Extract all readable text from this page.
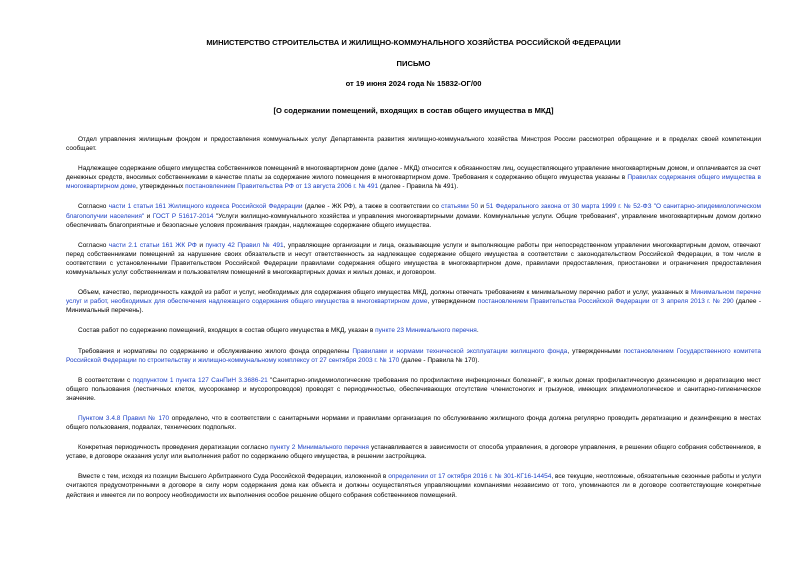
МИНИСТЕРСТВО СТРОИТЕЛЬСТВА И ЖИЛИЩНО-КОММУНАЛЬНОГО ХОЗЯЙСТВА РОССИЙСКОЙ ФЕДЕРАЦИИ
ПИСЬМО
от 19 июня 2024 года № 15832-ОГ/00
[О содержании помещений, входящих в состав общего имущества в МКД]

Отдел управления жилищным фондом и предоставления коммунальных услуг Департамента развития жилищно-коммунального хозяйства Минстроя России рассмотрел обращение и в пределах своей компетенции сообщает.

Надлежащее содержание общего имущества собственников помещений в многоквартирном доме (далее - МКД) относится к обязанностям лиц, осуществляющего управление многоквартирным домом, и оплачивается за счет денежных средств, вносимых собственниками в качестве платы за содержание жилого помещения в многоквартирном доме. Требования к содержанию общего имущества указаны в Правилах содержания общего имущества в многоквартирном доме, утвержденных постановлением Правительства РФ от 13 августа 2006 г. № 491 (далее - Правила № 491).

Согласно части 1 статьи 161 Жилищного кодекса Российской Федерации (далее - ЖК РФ), а также в соответствии со статьями 50 и 51 Федерального закона от 30 марта 1999 г. № 52-ФЗ "О санитарно-эпидемиологическом благополучии населения" и ГОСТ Р 51617-2014 "Услуги жилищно-коммунального хозяйства и управления многоквартирными домами. Коммунальные услуги. Общие требования", управление многоквартирным домом должно обеспечивать благоприятные и безопасные условия проживания граждан, надлежащее содержание общего имущества.

Согласно части 2.1 статьи 161 ЖК РФ и пункту 42 Правил № 491, управляющие организации и лица, оказывающие услуги и выполняющие работы при непосредственном управлении многоквартирным домом, отвечают перед собственниками помещений за нарушение своих обязательств и несут ответственность за надлежащее содержание общего имущества в соответствии с законодательством Российской Федерации, в том числе в соответствии с установленными Правительством Российской Федерации правилами содержания общего имущества в многоквартирном доме, правилами предоставления, приостановки и ограничения предоставления коммунальных услуг собственникам и пользователям помещений в многоквартирных домах и жилых домах, и договором.

Объем, качество, периодичность каждой из работ и услуг, необходимых для содержания общего имущества МКД, должны отвечать требованиям к минимальному перечню работ и услуг, указанных в Минимальном перечне услуг и работ, необходимых для обеспечения надлежащего содержания общего имущества в многоквартирном доме, утвержденном постановлением Правительства Российской Федерации от 3 апреля 2013 г. № 290 (далее - Минимальный перечень).

Состав работ по содержанию помещений, входящих в состав общего имущества в МКД, указан в пункте 23 Минимального перечня.

Требования и нормативы по содержанию и обслуживанию жилого фонда определены Правилами и нормами технической эксплуатации жилищного фонда, утвержденными постановлением Государственного комитета Российской Федерации по строительству и жилищно-коммунальному комплексу от 27 сентября 2003 г. № 170 (далее - Правила № 170).

В соответствии с подпунктом 1 пункта 127 СанПиН 3.3686-21 "Санитарно-эпидемиологические требования по профилактике инфекционных болезней", в жилых домах профилактическую дезинсекцию и дератизацию мест общего пользования (лестничных клеток, мусорокамер и мусоропроводов) проводят с периодичностью, обеспечивающих отсутствие членистоногих и грызунов, имеющих эпидемиологическое и санитарно-гигиеническое значение.

Пунктом 3.4.8 Правил № 170 определено, что в соответствии с санитарными нормами и правилами организация по обслуживанию жилищного фонда должна регулярно проводить дератизацию и дезинфекцию в местах общего пользования, подвалах, технических подпольях.

Конкретная периодичность проведения дератизации согласно пункту 2 Минимального перечня устанавливается в зависимости от способа управления, в договоре управления, в решении общего собрания собственников, в уставе, в договоре оказания услуг или выполнения работ по содержанию общего имущества, в решении застройщика.

Вместе с тем, исходя из позиции Высшего Арбитражного Суда Российской Федерации, изложенной в определении от 17 октября 2016 г. № 301-КГ16-14454, все текущие, неотложные, обязательные сезонные работы и услуги считаются предусмотренными в договоре в силу норм содержания дома как объекта и должны осуществляться управляющими компаниями независимо от того, упоминаются ли в договоре соответствующие конкретные действия и имеется ли по вопросу необходимости их выполнения особое решение общего собрания собственников помещений.
